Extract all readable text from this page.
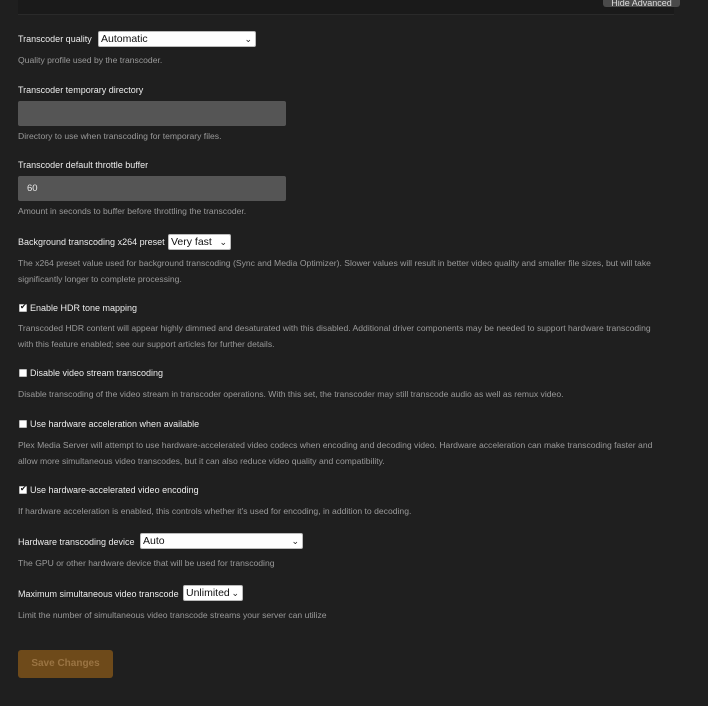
Hide Advanced
Transcoder quality Automatic	⌄
Quality profile used by the transcoder.
Transcoder temporary directory
Directory to use when transcoding for temporary files.
Transcoder default throttle buffer
60
Amount in seconds to buffer before throttling the transcoder.
Background transcoding x264 preset Very fast ⌄
The x264 preset value used for background transcoding (Sync and Media Optimizer). Slower values will result in better video quality and smaller file sizes, but will take significantly longer to complete processing.
✔ Enable HDR tone mapping
Transcoded HDR content will appear highly dimmed and desaturated with this disabled. Additional driver components may be needed to support hardware transcoding with this feature enabled; see our support articles for further details.
Disable video stream transcoding
Disable transcoding of the video stream in transcoder operations. With this set, the transcoder may still transcode audio as well as remux video.
Use hardware acceleration when available
Plex Media Server will attempt to use hardware-accelerated video codecs when encoding and decoding video. Hardware acceleration can make transcoding faster and allow more simultaneous video transcodes, but it can also reduce video quality and compatibility.
✔ Use hardware-accelerated video encoding
If hardware acceleration is enabled, this controls whether it's used for encoding, in addition to decoding.
Hardware transcoding device Auto	⌄
The GPU or other hardware device that will be used for transcoding
Maximum simultaneous video transcode Unlimited ⌄
Limit the number of simultaneous video transcode streams your server can utilize
Save Changes
